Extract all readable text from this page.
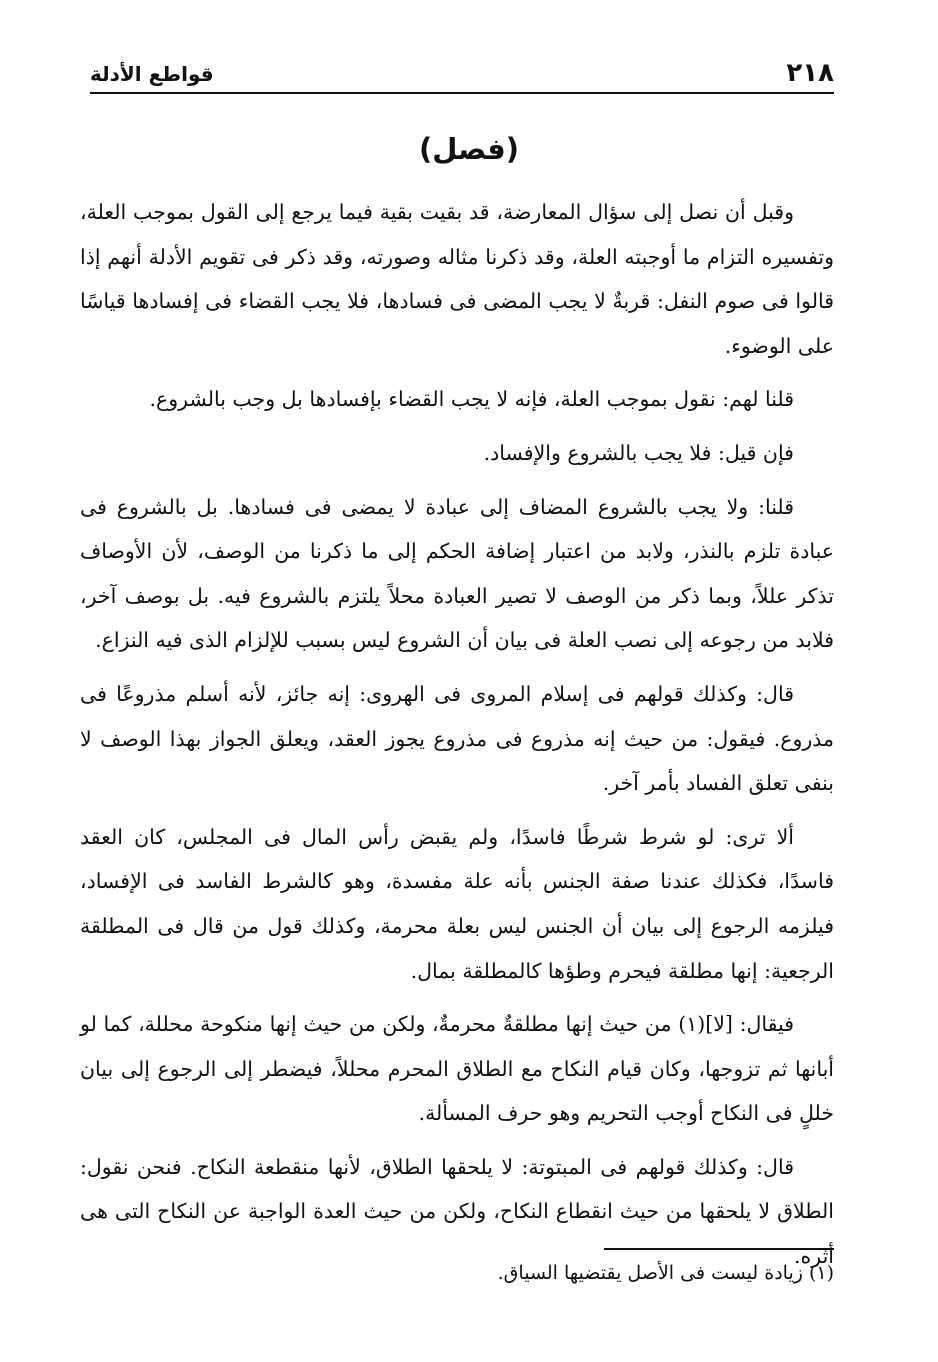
٢١٨
قواطع الأدلة
(فصل)

وقبل أن نصل إلى سؤال المعارضة، قد بقيت بقية فيما يرجع إلى القول بموجب العلة، وتفسيره التزام ما أوجبته العلة، وقد ذكرنا مثاله وصورته، وقد ذكر فى تقويم الأدلة أنهم إذا قالوا فى صوم النفل: قربةٌ لا يجب المضى فى فسادها، فلا يجب القضاء فى إفسادها قياسًا على الوضوء.

قلنا لهم: نقول بموجب العلة، فإنه لا يجب القضاء بإفسادها بل وجب بالشروع.

فإن قيل: فلا يجب بالشروع والإفساد.

قلنا: ولا يجب بالشروع المضاف إلى عبادة لا يمضى فى فسادها. بل بالشروع فى عبادة تلزم بالنذر، ولابد من اعتبار إضافة الحكم إلى ما ذكرنا من الوصف، لأن الأوصاف تذكر عللاً، وبما ذكر من الوصف لا تصير العبادة محلاً يلتزم بالشروع فيه. بل بوصف آخر، فلابد من رجوعه إلى نصب العلة فى بيان أن الشروع ليس بسبب للإلزام الذى فيه النزاع.

قال: وكذلك قولهم فى إسلام المروى فى الهروى: إنه جائز، لأنه أسلم مذروعًا فى مذروع. فيقول: من حيث إنه مذروع فى مذروع يجوز العقد، ويعلق الجواز بهذا الوصف لا بنفى تعلق الفساد بأمر آخر.

ألا ترى: لو شرط شرطًا فاسدًا، ولم يقبض رأس المال فى المجلس، كان العقد فاسدًا، فكذلك عندنا صفة الجنس بأنه علة مفسدة، وهو كالشرط الفاسد فى الإفساد، فيلزمه الرجوع إلى بيان أن الجنس ليس بعلة محرمة، وكذلك قول من قال فى المطلقة الرجعية: إنها مطلقة فيحرم وطؤها كالمطلقة بمال.

فيقال: [لا](١) من حيث إنها مطلقةٌ محرمةٌ، ولكن من حيث إنها منكوحة محللة، كما لو أبانها ثم تزوجها، وكان قيام النكاح مع الطلاق المحرم محللاً، فيضطر إلى الرجوع إلى بيان خللٍ فى النكاح أوجب التحريم وهو حرف المسألة.

قال: وكذلك قولهم فى المبتوتة: لا يلحقها الطلاق، لأنها منقطعة النكاح. فنحن نقول: الطلاق لا يلحقها من حيث انقطاع النكاح، ولكن من حيث العدة الواجبة عن النكاح التى هى أثره.

(١) زيادة ليست فى الأصل يقتضيها السياق.
